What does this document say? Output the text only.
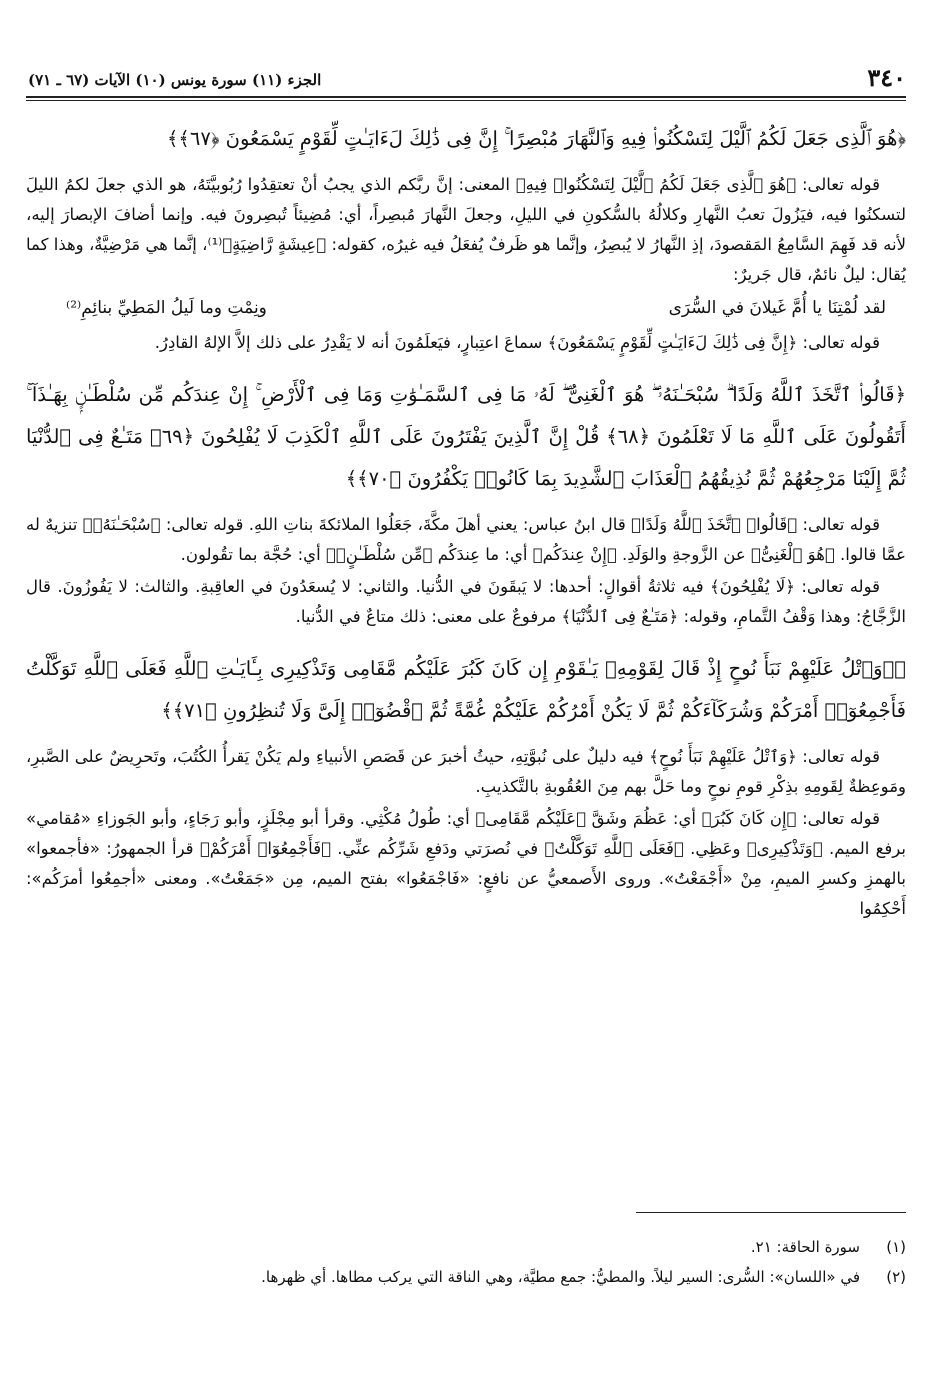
٣٤٠
الجزء (١١) سورة يونس (١٠) الآيات (٦٧ ـ ٧١)

﴿هُوَ ٱلَّذِى جَعَلَ لَكُمُ ٱلَّيْلَ لِتَسْكُنُوا۟ فِيهِ وَٱلنَّهَارَ مُبْصِرًا ۚ إِنَّ فِى ذَٰلِكَ لَءَايَـٰتٍ لِّقَوْمٍ يَسْمَعُونَ ﴿٦٧﴾﴾

قوله تعالى: ﴿هُوَ ٱلَّذِى جَعَلَ لَكُمُ ٱلَّيْلَ لِتَسْكُنُوا۟ فِيهِ﴾ المعنى: إنَّ ربَّكم الذي يجبُ أنْ تعتقِدُوا رُبُوبيَّتَهُ، هو الذي جعلَ لكمُ الليلَ لتسكنُوا فيه، فيَزُولَ تعبُ النَّهارِ وكلالُهُ بالسُّكونِ في الليلِ، وجعلَ النَّهارَ مُبصِراً، أي: مُضِيئاً تُبصِرونَ فيه. وإنما أضافَ الإبصارَ إليه، لأنه قد فَهِمَ السَّامِعُ المَقصودَ، إذِ النَّهارُ لا يُبصِرُ، وإنَّما هو ظَرفٌ يُفعَلُ فيه غيرُه، كقوله: ﴿عِيشَةٍ رَّاضِيَةٍ﴾⁽¹⁾، إنَّما هي مَرْضِيَّةٌ، وهذا كما يُقال: ليلٌ نائمٌ، قال جَريرٌ:

لقد لُمْتِنَا يا أُمَّ غَيلانَ في السُّرَى
ونِمْتِ وما لَيلُ المَطِيِّ بنائِمِ⁽²⁾

قوله تعالى: ﴿إِنَّ فِى ذَٰلِكَ لَءَايَـٰتٍ لِّقَوْمٍ يَسْمَعُونَ﴾ سماعَ اعتِبارٍ، فيَعلَمُونَ أنه لا يَقْدِرُ على ذلك إلاَّ الإلهُ القادِرُ.

﴿قَالُوا۟ ٱتَّخَذَ ٱللَّهُ وَلَدًا ۗ سُبْحَـٰنَهُۥ ۖ هُوَ ٱلْغَنِىُّ ۖ لَهُۥ مَا فِى ٱلسَّمَـٰوَٰتِ وَمَا فِى ٱلْأَرْضِ ۚ إِنْ عِندَكُم مِّن سُلْطَـٰنٍۭ بِهَـٰذَآ ۚ أَتَقُولُونَ عَلَى ٱللَّهِ مَا لَا تَعْلَمُونَ ﴿٦٨﴾ قُلْ إِنَّ ٱلَّذِينَ يَفْتَرُونَ عَلَى ٱللَّهِ ٱلْكَذِبَ لَا يُفْلِحُونَ ﴿٦٩﴾ مَتَـٰعٌ فِى ٱلدُّنْيَا ثُمَّ إِلَيْنَا مَرْجِعُهُمْ ثُمَّ نُذِيقُهُمُ ٱلْعَذَابَ ٱلشَّدِيدَ بِمَا كَانُوا۟ يَكْفُرُونَ ﴿٧٠﴾﴾

قوله تعالى: ﴿قَالُوا۟ ٱتَّخَذَ ٱللَّهُ وَلَدًا﴾ قال ابنُ عباس: يعني أهلَ مكَّةَ، جَعَلُوا الملائكةَ بناتِ اللهِ. قوله تعالى: ﴿سُبْحَـٰنَهُۥ﴾ تنزيهٌ له عمَّا قالوا. ﴿هُوَ ٱلْغَنِىُّ﴾ عن الزَّوجةِ والوَلَدِ. ﴿إِنْ عِندَكُم﴾ أي: ما عِندَكُم ﴿مِّن سُلْطَـٰنٍۭ﴾ أي: حُجَّة بما تقُولون.

قوله تعالى: ﴿لَا يُفْلِحُونَ﴾ فيه ثلاثةُ أقوالٍ: أحدها: لا يَبقَونَ في الدُّنيا. والثاني: لا يُسعَدُونَ في العاقِبةِ. والثالث: لا يَفُوزُونَ. قال الزَّجَّاجُ: وهذا وَقْفُ التَّمامِ، وقوله: ﴿مَتَـٰعٌ فِى ٱلدُّنْيَا﴾ مرفوعٌ على معنى: ذلك متاعٌ في الدُّنيا.

۞﴿وَٱتْلُ عَلَيْهِمْ نَبَأَ نُوحٍ إِذْ قَالَ لِقَوْمِهِۦ يَـٰقَوْمِ إِن كَانَ كَبُرَ عَلَيْكُم مَّقَامِى وَتَذْكِيرِى بِـَٔايَـٰتِ ٱللَّهِ فَعَلَى ٱللَّهِ تَوَكَّلْتُ فَأَجْمِعُوٓا۟ أَمْرَكُمْ وَشُرَكَآءَكُمْ ثُمَّ لَا يَكُنْ أَمْرُكُمْ عَلَيْكُمْ غُمَّةً ثُمَّ ٱقْضُوٓا۟ إِلَىَّ وَلَا تُنظِرُونِ ﴿٧١﴾﴾

قوله تعالى: ﴿وَٱتْلُ عَلَيْهِمْ نَبَأَ نُوحٍ﴾ فيه دليلٌ على نُبوَّتِهِ، حيثُ أخبرَ عن قَصَصِ الأنبياءِ ولم يَكُنْ يَقرأُ الكُتُبَ، وتَحرِيضٌ على الصَّبرِ، ومَوعِظةٌ لِقَومِهِ بذِكْرِ قومِ نوحٍ وما حَلَّ بهم مِنَ العُقُوبةِ بالتَّكذيبِ.

قوله تعالى: ﴿إِن كَانَ كَبُرَ﴾ أي: عَظُمَ وشَقَّ ﴿عَلَيْكُم مَّقَامِى﴾ أي: طُولُ مُكْثِي. وقرأ أبو مِجْلَزٍ، وأبو رَجَاءٍ، وأبو الجَوزاءِ «مُقامي» برفع الميم. ﴿وَتَذْكِيرِى﴾ وعَظِي. ﴿فَعَلَى ٱللَّهِ تَوَكَّلْتُ﴾ في نُصرَتي ودَفعِ شَرِّكُم عنِّي. ﴿فَأَجْمِعُوٓا۟ أَمْرَكُمْ﴾ قرأ الجمهورُ: «فأجمعوا» بالهمزِ وكسرِ الميمِ، مِنْ «أَجْمَعْتُ». وروى الأَصمعيُّ عن نافعٍ: «فَاجْمَعُوا» بفتح الميم، مِن «جَمَعْتُ». ومعنى «أجمِعُوا أمرَكُم»: أَحْكِمُوا

(١)
سورة الحاقة: ٢١.
(٢)
في «اللسان»: السُّرى: السير ليلاً. والمطيُّ: جمع مطيَّة، وهي الناقة التي يركب مطاها. أي ظهرها.
